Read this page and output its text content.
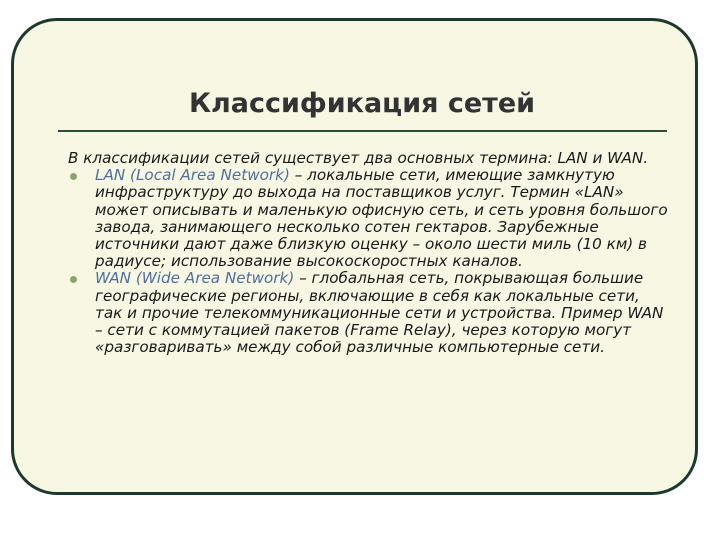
Классификация сетей

В классификации сетей существует два основных термина: LAN и WAN.

LAN (Local Area Network) – локальные сети, имеющие замкнутую инфраструктуру до выхода на поставщиков услуг. Термин «LAN» может описывать и маленькую офисную сеть, и сеть уровня большого завода, занимающего несколько сотен гектаров. Зарубежные источники дают даже близкую оценку – около шести миль (10 км) в радиусе; использование высокоскоростных каналов.

WAN (Wide Area Network) – глобальная сеть, покрывающая большие географические регионы, включающие в себя как локальные сети, так и прочие телекоммуникационные сети и устройства. Пример WAN – сети с коммутацией пакетов (Frame Relay), через которую могут «разговаривать» между собой различные компьютерные сети.
